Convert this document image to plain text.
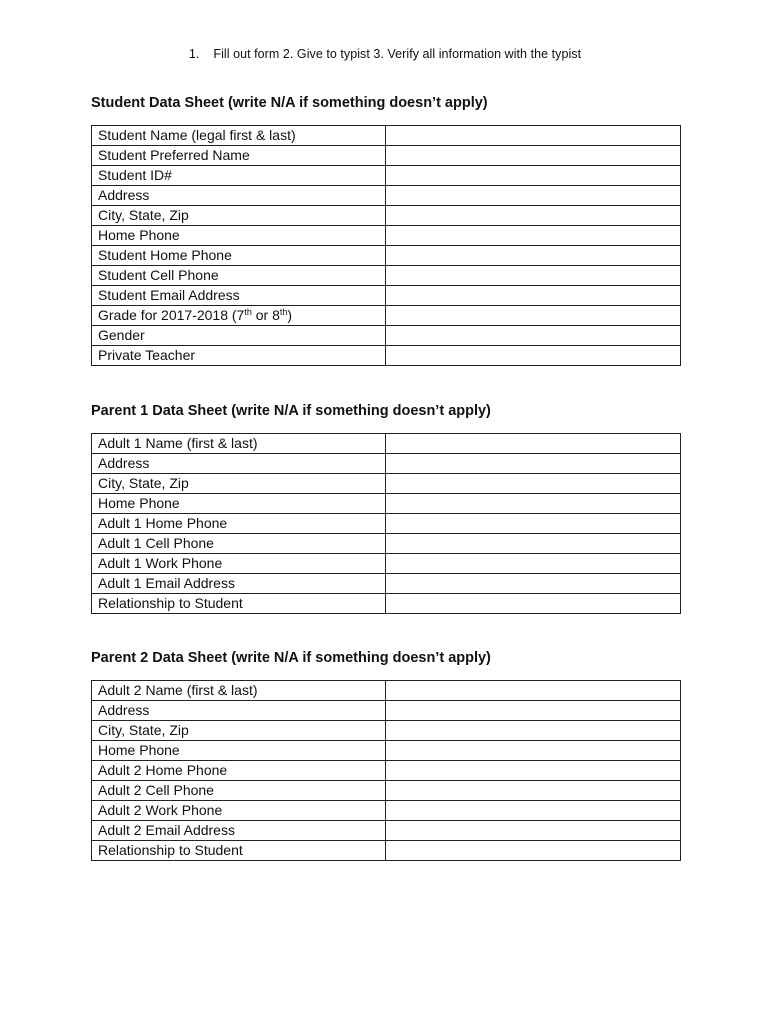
1. Fill out form 2. Give to typist 3. Verify all information with the typist
Student Data Sheet (write N/A if something doesn’t apply)
Student Name (legal first & last)	
Student Preferred Name	
Student ID#	
Address	
City, State, Zip	
Home Phone	
Student Home Phone	
Student Cell Phone	
Student Email Address	
Grade for 2017-2018 (7th or 8th)	
Gender	
Private Teacher	
Parent 1 Data Sheet (write N/A if something doesn’t apply)
Adult 1 Name (first & last)	
Address	
City, State, Zip	
Home Phone	
Adult 1 Home Phone	
Adult 1 Cell Phone	
Adult 1 Work Phone	
Adult 1 Email Address	
Relationship to Student	
Parent 2 Data Sheet (write N/A if something doesn’t apply)
Adult 2 Name (first & last)	
Address	
City, State, Zip	
Home Phone	
Adult 2 Home Phone	
Adult 2 Cell Phone	
Adult 2 Work Phone	
Adult 2 Email Address	
Relationship to Student	
